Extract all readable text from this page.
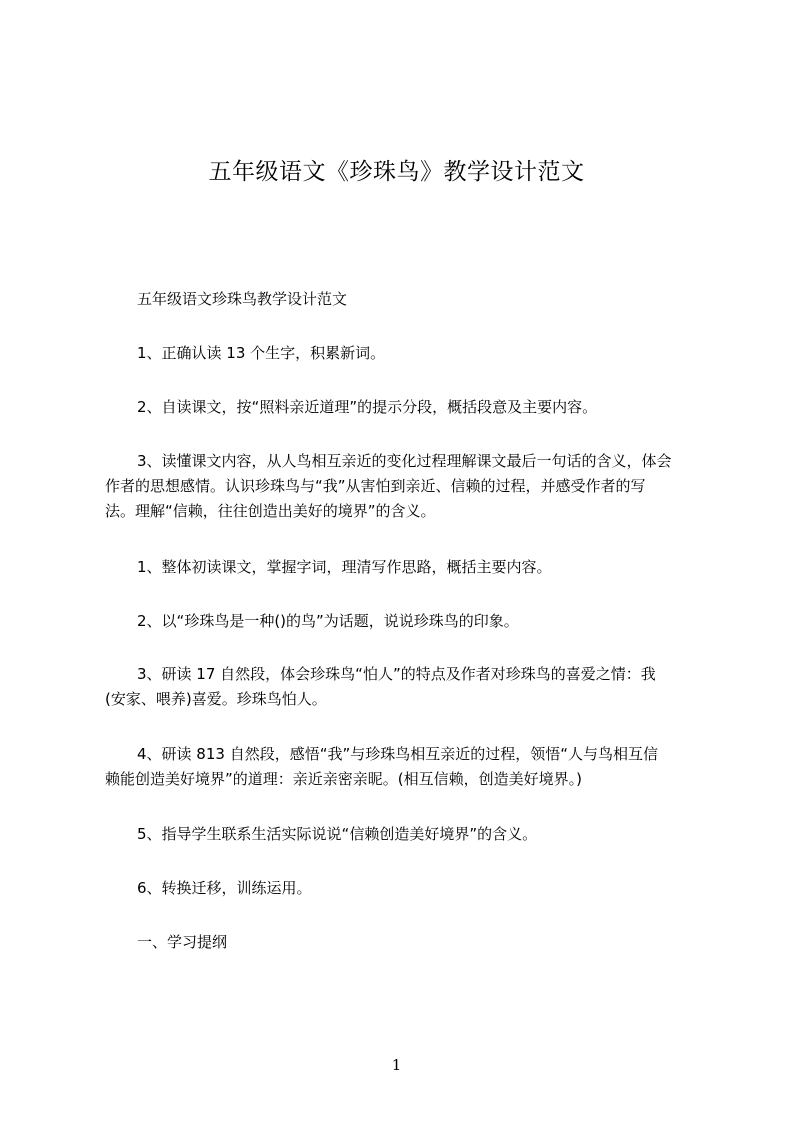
五年级语文《珍珠鸟》教学设计范文
五年级语文珍珠鸟教学设计范文
1、正确认读 13 个生字，积累新词。
2、自读课文，按“照料亲近道理”的提示分段，概括段意及主要内容。
3、读懂课文内容，从人鸟相互亲近的变化过程理解课文最后一句话的含义，体会
作者的思想感情。认识珍珠鸟与“我”从害怕到亲近、信赖的过程，并感受作者的写
法。理解“信赖，往往创造出美好的境界”的含义。
1、整体初读课文，掌握字词，理清写作思路，概括主要内容。
2、以“珍珠鸟是一种()的鸟”为话题，说说珍珠鸟的印象。
3、研读 17 自然段，体会珍珠鸟“怕人”的特点及作者对珍珠鸟的喜爱之情：我
(安家、喂养)喜爱。珍珠鸟怕人。
4、研读 813 自然段，感悟“我”与珍珠鸟相互亲近的过程，领悟“人与鸟相互信
赖能创造美好境界”的道理：亲近亲密亲昵。(相互信赖，创造美好境界。)
5、指导学生联系生活实际说说“信赖创造美好境界”的含义。
6、转换迁移，训练运用。
一、学习提纲
1
